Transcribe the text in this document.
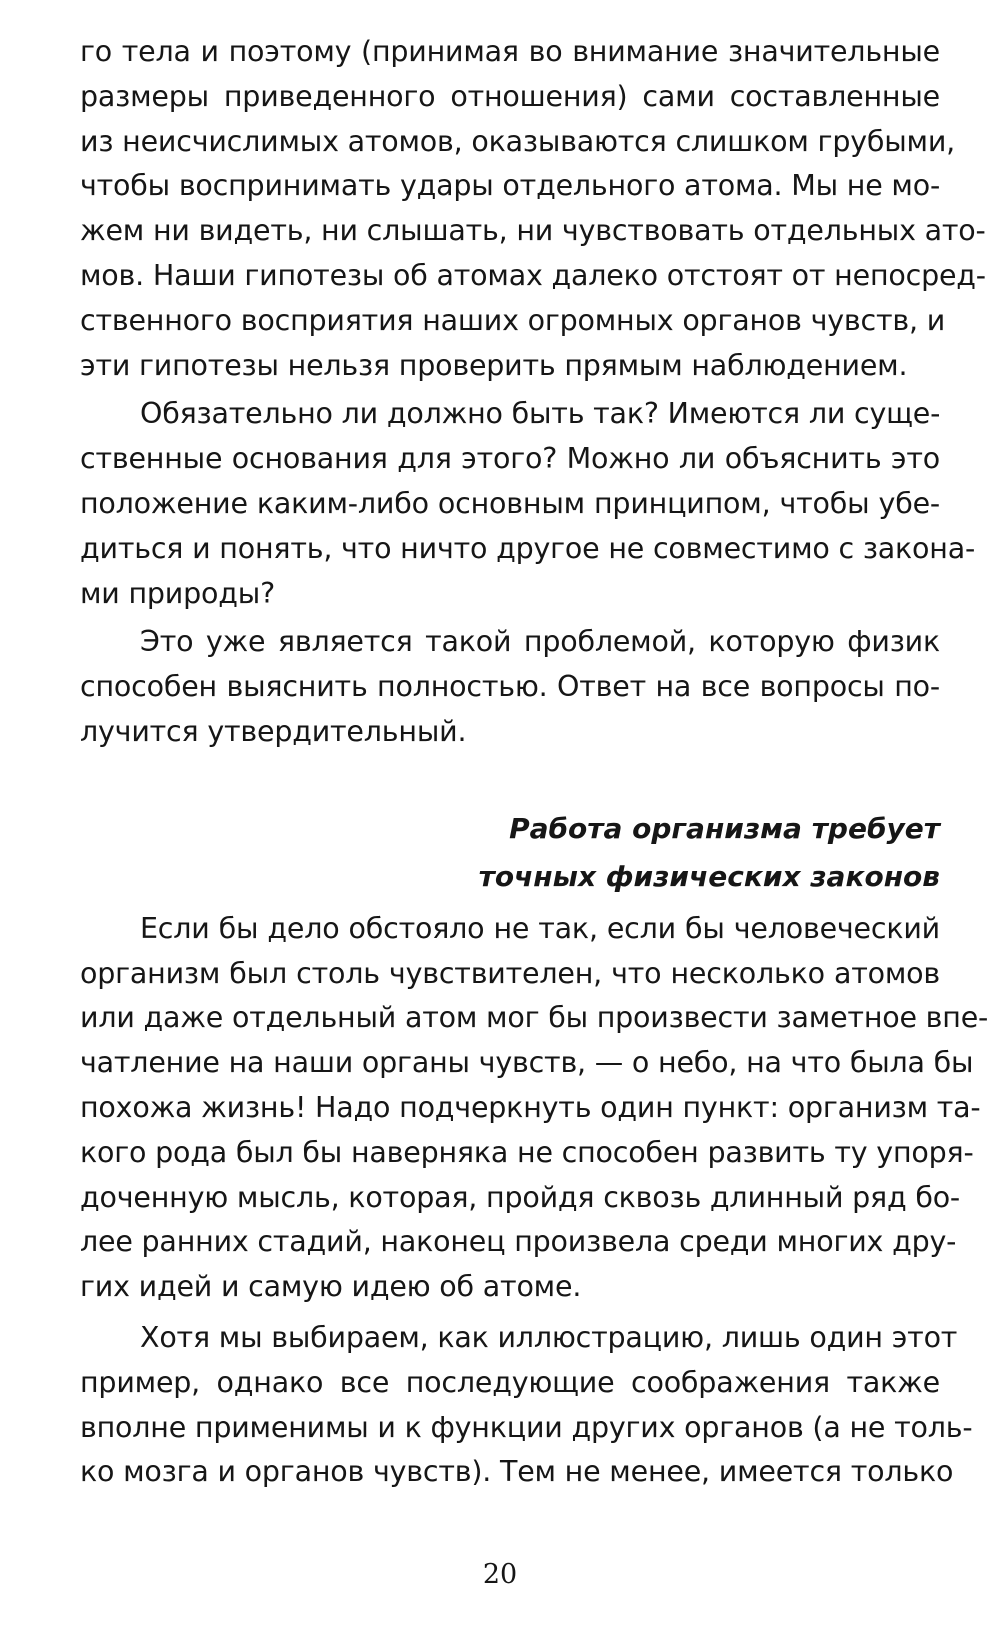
го тела и поэтому (принимая во внимание значительные

размеры приведенного отношения) сами составленные

из неисчислимых атомов, оказываются слишком грубыми,

чтобы воспринимать удары отдельного атома. Мы не мо-

жем ни видеть, ни слышать, ни чувствовать отдельных ато-

мов. Наши гипотезы об атомах далеко отстоят от непосред-

ственного восприятия наших огромных органов чувств, и

эти гипотезы нельзя проверить прямым наблюдением.

Обязательно ли должно быть так? Имеются ли суще-

ственные основания для этого? Можно ли объяснить это

положение каким-либо основным принципом, чтобы убе-

диться и понять, что ничто другое не совместимо с закона-

ми природы?

Это уже является такой проблемой, которую физик

способен выяснить полностью. Ответ на все вопросы по-

лучится утвердительный.

Работа организма требует
точных физических законов

Если бы дело обстояло не так, если бы человеческий

организм был столь чувствителен, что несколько атомов

или даже отдельный атом мог бы произвести заметное впе-

чатление на наши органы чувств, — о небо, на что была бы

похожа жизнь! Надо подчеркнуть один пункт: организм та-

кого рода был бы наверняка не способен развить ту упоря-

доченную мысль, которая, пройдя сквозь длинный ряд бо-

лее ранних стадий, наконец произвела среди многих дру-

гих идей и самую идею об атоме.

Хотя мы выбираем, как иллюстрацию, лишь один этот

пример, однако все последующие соображения также

вполне применимы и к функции других органов (а не толь-

ко мозга и органов чувств). Тем не менее, имеется только

20
